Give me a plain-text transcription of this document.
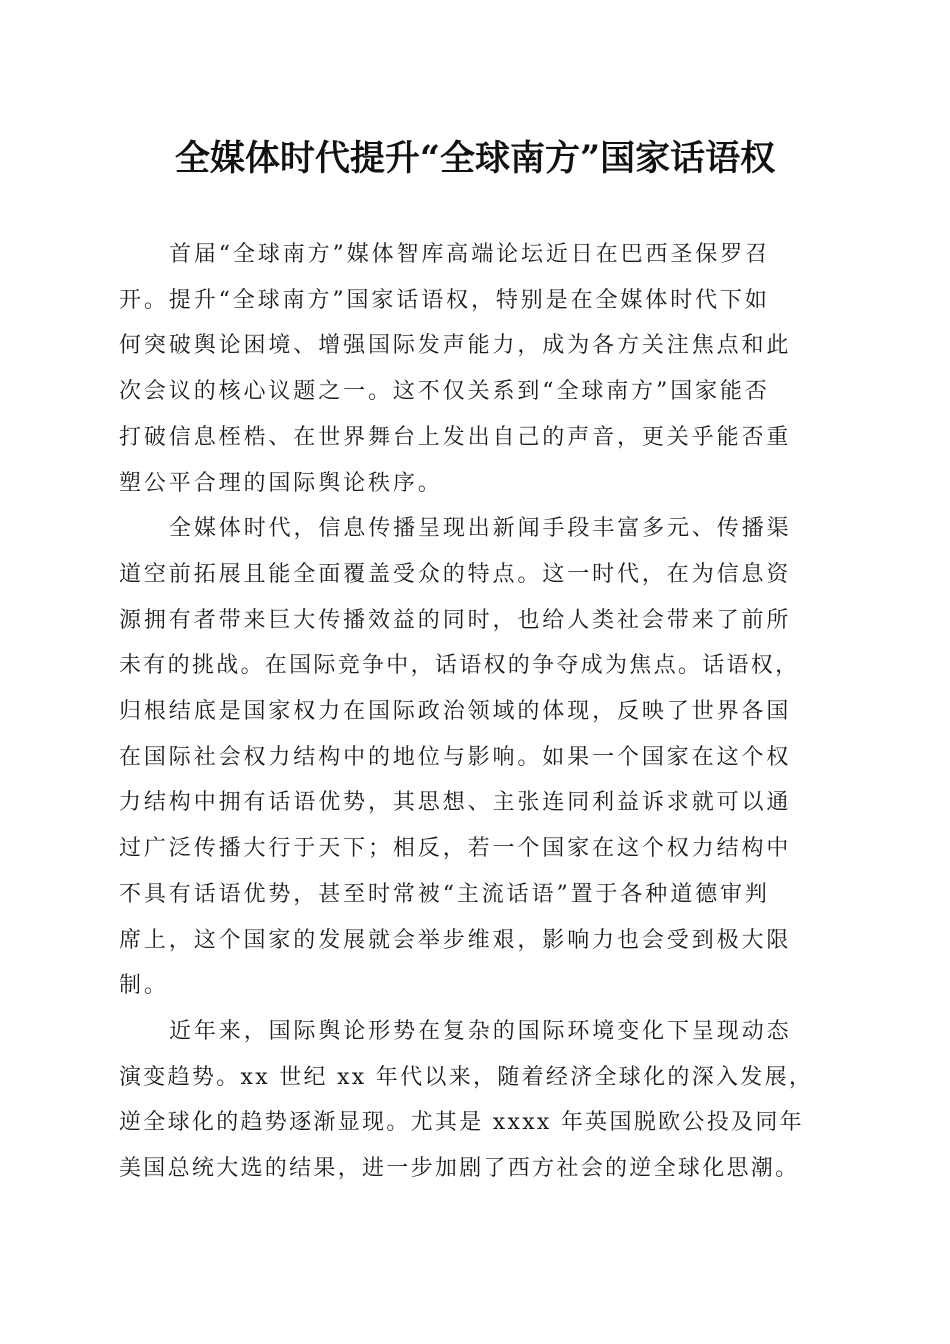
全媒体时代提升“全球南方”国家话语权

首届“全球南方”媒体智库高端论坛近日在巴西圣保罗召
开。提升“全球南方”国家话语权，特别是在全媒体时代下如
何突破舆论困境、增强国际发声能力，成为各方关注焦点和此
次会议的核心议题之一。这不仅关系到“全球南方”国家能否
打破信息桎梏、在世界舞台上发出自己的声音，更关乎能否重
塑公平合理的国际舆论秩序。

全媒体时代，信息传播呈现出新闻手段丰富多元、传播渠
道空前拓展且能全面覆盖受众的特点。这一时代，在为信息资
源拥有者带来巨大传播效益的同时，也给人类社会带来了前所
未有的挑战。在国际竞争中，话语权的争夺成为焦点。话语权，
归根结底是国家权力在国际政治领域的体现，反映了世界各国
在国际社会权力结构中的地位与影响。如果一个国家在这个权
力结构中拥有话语优势，其思想、主张连同利益诉求就可以通
过广泛传播大行于天下；相反，若一个国家在这个权力结构中
不具有话语优势，甚至时常被“主流话语”置于各种道德审判
席上，这个国家的发展就会举步维艰，影响力也会受到极大限
制。

近年来，国际舆论形势在复杂的国际环境变化下呈现动态
演变趋势。xx 世纪 xx 年代以来，随着经济全球化的深入发展，
逆全球化的趋势逐渐显现。尤其是 xxxx 年英国脱欧公投及同年
美国总统大选的结果，进一步加剧了西方社会的逆全球化思潮。
